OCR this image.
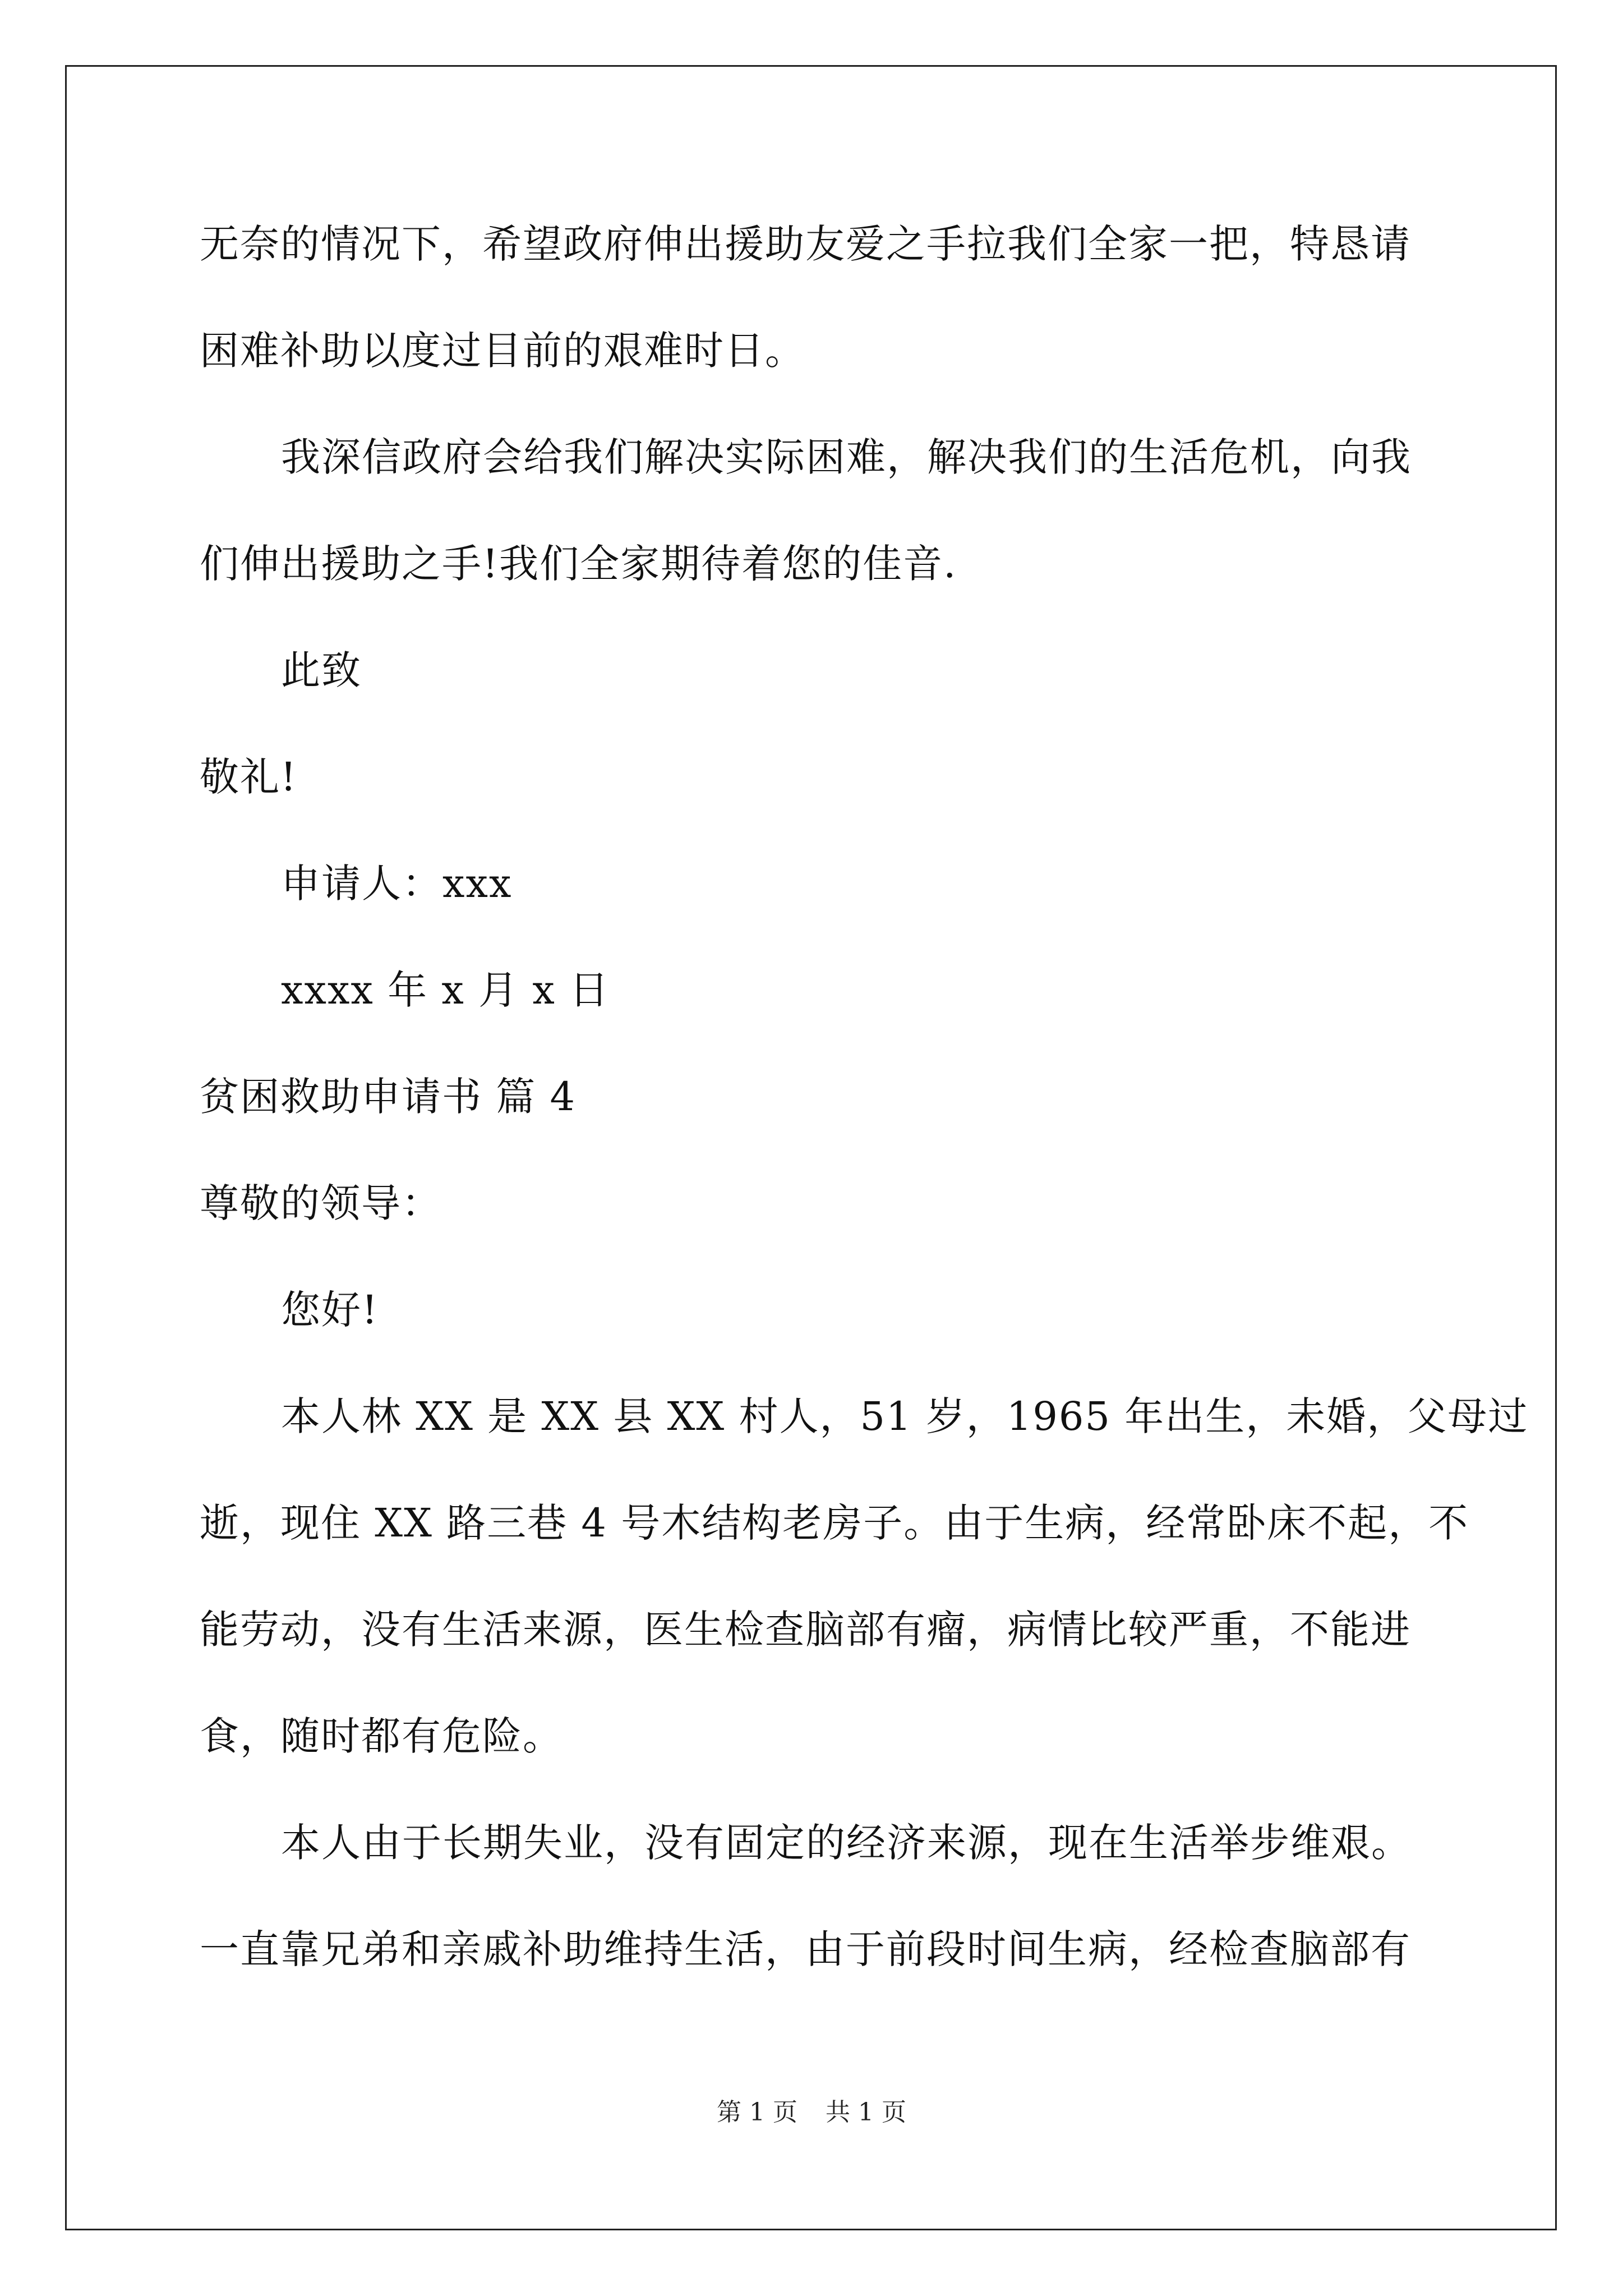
无奈的情况下，希望政府伸出援助友爱之手拉我们全家一把，特恳请
困难补助以度过目前的艰难时日。
我深信政府会给我们解决实际困难，解决我们的生活危机，向我
们伸出援助之手!我们全家期待着您的佳音.
此致
敬礼!
申请人：xxx
xxxx 年 x 月 x 日
贫困救助申请书 篇 4
尊敬的领导：
您好!
本人林 XX 是 XX 县 XX 村人，51 岁，1965 年出生，未婚，父母过
逝，现住 XX 路三巷 4 号木结构老房子。由于生病，经常卧床不起，不
能劳动，没有生活来源，医生检查脑部有瘤，病情比较严重，不能进
食，随时都有危险。
本人由于长期失业，没有固定的经济来源，现在生活举步维艰。
一直靠兄弟和亲戚补助维持生活，由于前段时间生病，经检查脑部有
第 1 页 共 1 页
